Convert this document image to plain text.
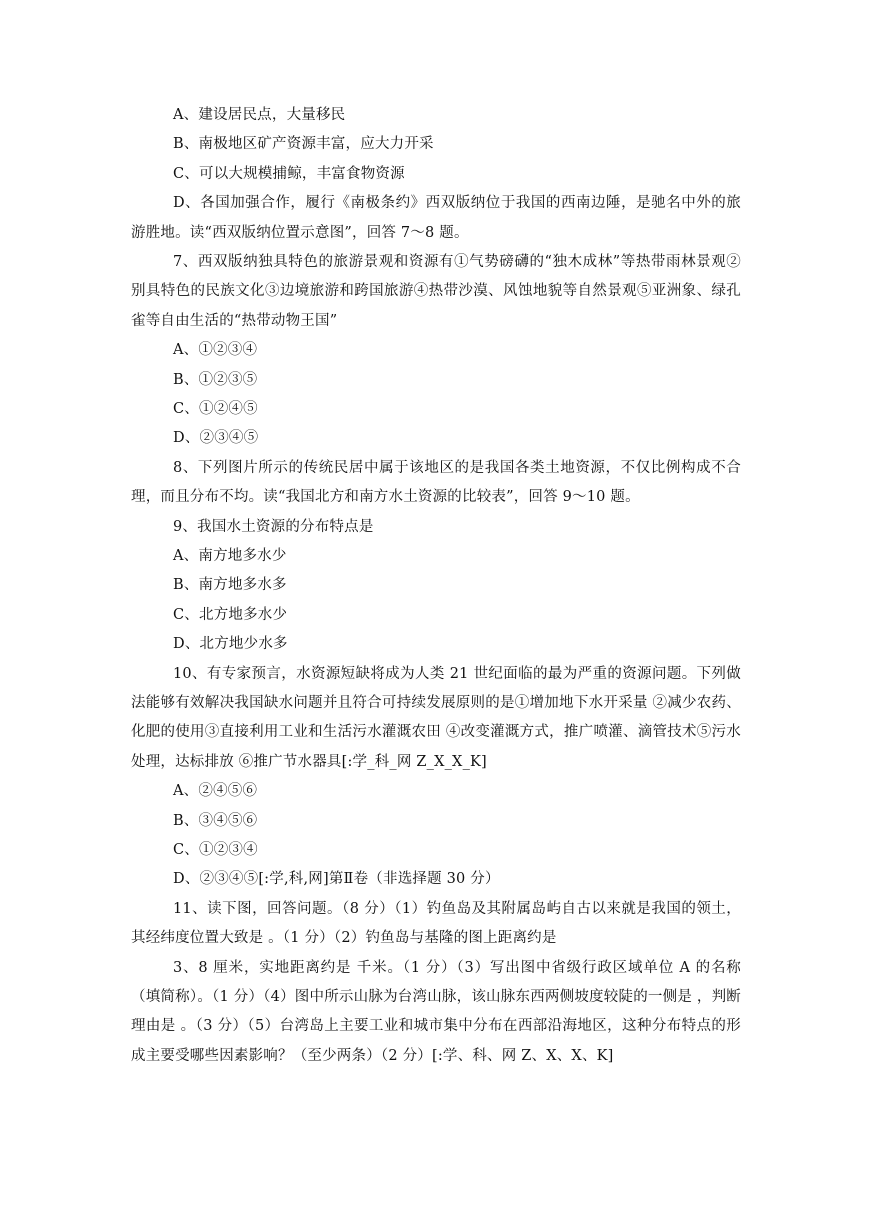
A、建设居民点，大量移民
B、南极地区矿产资源丰富，应大力开采
C、可以大规模捕鲸，丰富食物资源
D、各国加强合作，履行《南极条约》西双版纳位于我国的西南边陲，是驰名中外的旅游胜地。读“西双版纳位置示意图”，回答 7～8 题。
7、西双版纳独具特色的旅游景观和资源有①气势磅礴的“独木成林”等热带雨林景观②别具特色的民族文化③边境旅游和跨国旅游④热带沙漠、风蚀地貌等自然景观⑤亚洲象、绿孔雀等自由生活的“热带动物王国”
A、①②③④
B、①②③⑤
C、①②④⑤
D、②③④⑤
8、下列图片所示的传统民居中属于该地区的是我国各类土地资源，不仅比例构成不合理，而且分布不均。读“我国北方和南方水土资源的比较表”，回答 9～10 题。
9、我国水土资源的分布特点是
A、南方地多水少
B、南方地多水多
C、北方地多水少
D、北方地少水多
10、有专家预言，水资源短缺将成为人类 21 世纪面临的最为严重的资源问题。下列做法能够有效解决我国缺水问题并且符合可持续发展原则的是①增加地下水开采量 ②减少农药、化肥的使用③直接利用工业和生活污水灌溉农田 ④改变灌溉方式，推广喷灌、滴管技术⑤污水处理，达标排放 ⑥推广节水器具[:学_科_网 Z_X_X_K]
A、②④⑤⑥
B、③④⑤⑥
C、①②③④
D、②③④⑤[:学,科,网]第Ⅱ卷（非选择题 30 分）
11、读下图，回答问题。（8 分）（1）钓鱼岛及其附属岛屿自古以来就是我国的领土，其经纬度位置大致是 。（1 分）（2）钓鱼岛与基隆的图上距离约是
3、8 厘米，实地距离约是 千米。（1 分）（3）写出图中省级行政区域单位 A 的名称 （填简称）。（1 分）（4）图中所示山脉为台湾山脉，该山脉东西两侧坡度较陡的一侧是 ，判断理由是 。（3 分）（5）台湾岛上主要工业和城市集中分布在西部沿海地区，这种分布特点的形成主要受哪些因素影响？（至少两条）（2 分）[:学、科、网 Z、X、X、K]
